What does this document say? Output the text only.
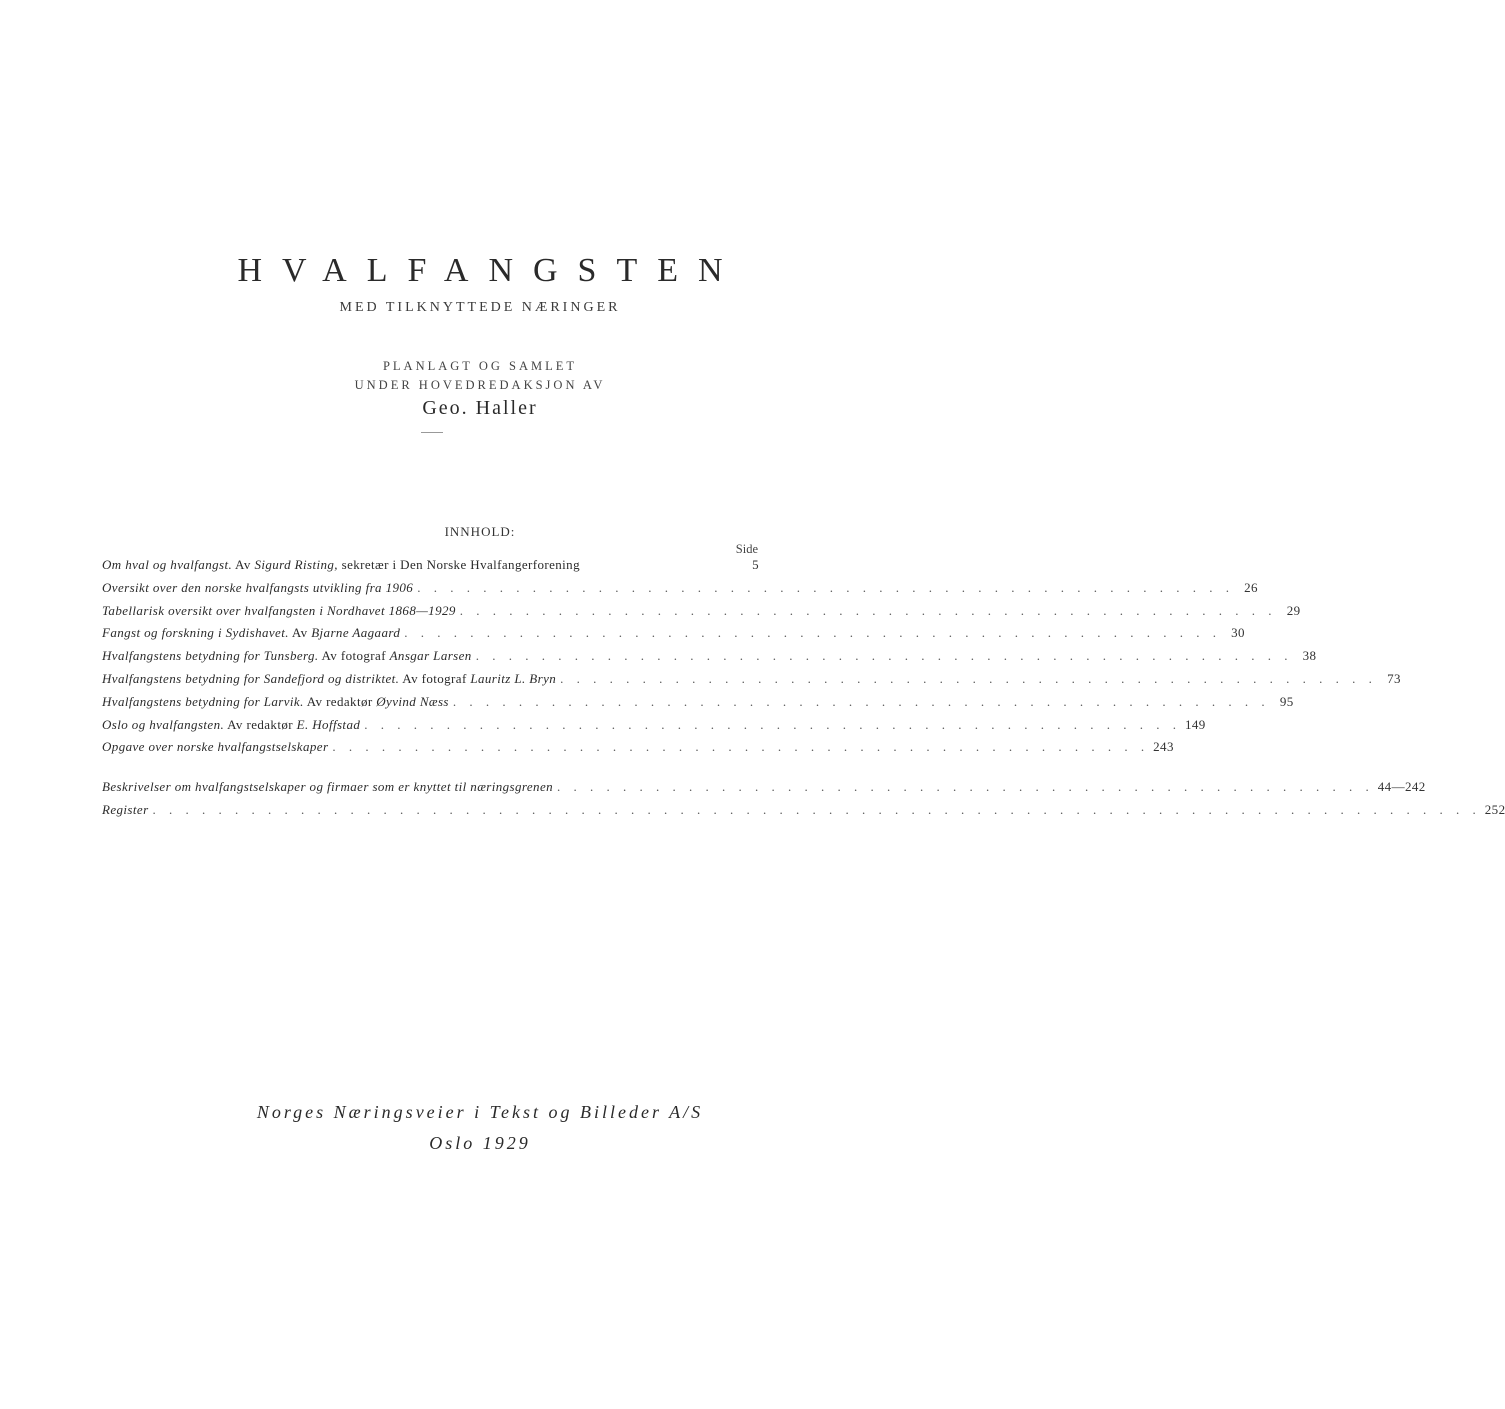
HVALFANGSTEN
MED TILKNYTTEDE NÆRINGER
PLANLAGT OG SAMLET
UNDER HOVEDREDAKSJON AV
Geo. Haller
INNHOLD:
Side
Om hval og hvalfangst. Av Sigurd Risting, sekretær i Den Norske Hvalfangerforening	5
Oversikt over den norske hvalfangsts utvikling fra 1906 . . . . . . . . . . . . . . . . . . . . . . . . . . . . . . . . . . . . . . . . . . . . . . . . . . 26
Tabellarisk oversikt over hvalfangsten i Nordhavet 1868—1929 . . . . . . . . . . . . . . . . . . . . . . . . . . . . . . . . . . . . . . . . . . . . . . . . . . 29
Fangst og forskning i Sydishavet. Av Bjarne Aagaard . . . . . . . . . . . . . . . . . . . . . . . . . . . . . . . . . . . . . . . . . . . . . . . . . . 30
Hvalfangstens betydning for Tunsberg. Av fotograf Ansgar Larsen . . . . . . . . . . . . . . . . . . . . . . . . . . . . . . . . . . . . . . . . . . . . . . . . . . 38
Hvalfangstens betydning for Sandefjord og distriktet. Av fotograf Lauritz L. Bryn . . . . . . . . . . . . . . . . . . . . . . . . . . . . . . . . . . . . . . . . . . . . . . . . . . 73
Hvalfangstens betydning for Larvik. Av redaktør Øyvind Næss . . . . . . . . . . . . . . . . . . . . . . . . . . . . . . . . . . . . . . . . . . . . . . . . . . 95
Oslo og hvalfangsten. Av redaktør E. Hoffstad . . . . . . . . . . . . . . . . . . . . . . . . . . . . . . . . . . . . . . . . . . . . . . . . . . 149
Opgave over norske hvalfangstselskaper . . . . . . . . . . . . . . . . . . . . . . . . . . . . . . . . . . . . . . . . . . . . . . . . . . 243
Beskrivelser om hvalfangstselskaper og firmaer som er knyttet til næringsgrenen . . . . . . . . . . . . . . . . . . . . . . . . . . . . . . . . . . . . . . . . . . . . . . . . . . 44—242
Register . . . . . . . . . . . . . . . . . . . . . . . . . . . . . . . . . . . . . . . . . . . . . . . . . . . . . . . . . . . . . . . . . . . . . . . . . . . . . . . . . 252
Norges Næringsveier i Tekst og Billeder A/S
Oslo 1929
